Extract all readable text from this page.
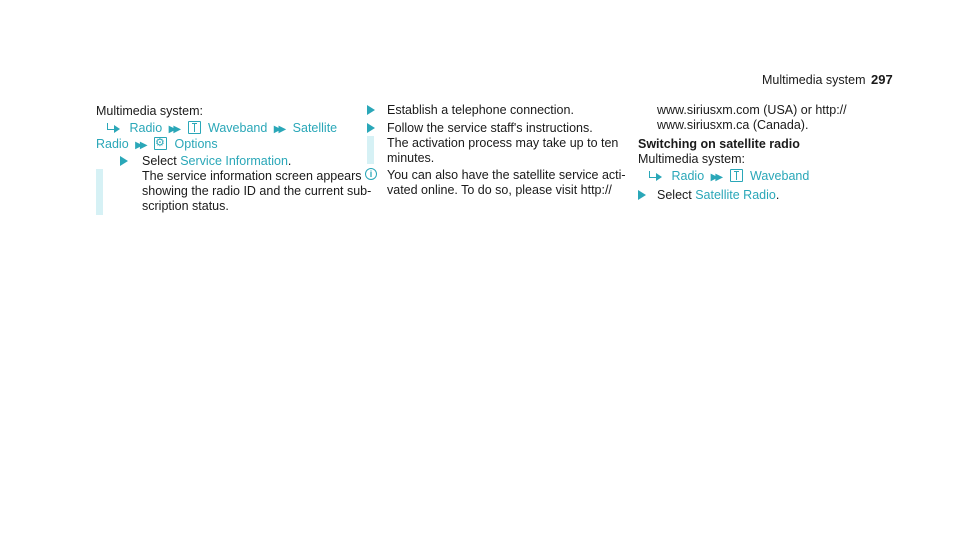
Multimedia system 297
Multimedia system:
Radio ▶▶ Waveband ▶▶ Satellite
Radio ▶▶ ⚙ Options
Select Service Information.
The service information screen appears
showing the radio ID and the current sub-
scription status.
Establish a telephone connection.
Follow the service staff's instructions.
The activation process may take up to ten
minutes.
i	You can also have the satellite service acti-
vated online. To do so, please visit http://
www.siriusxm.com (USA) or http://
www.siriusxm.ca (Canada).
Switching on satellite radio
Multimedia system:
Radio ▶▶ Waveband
Select Satellite Radio.
